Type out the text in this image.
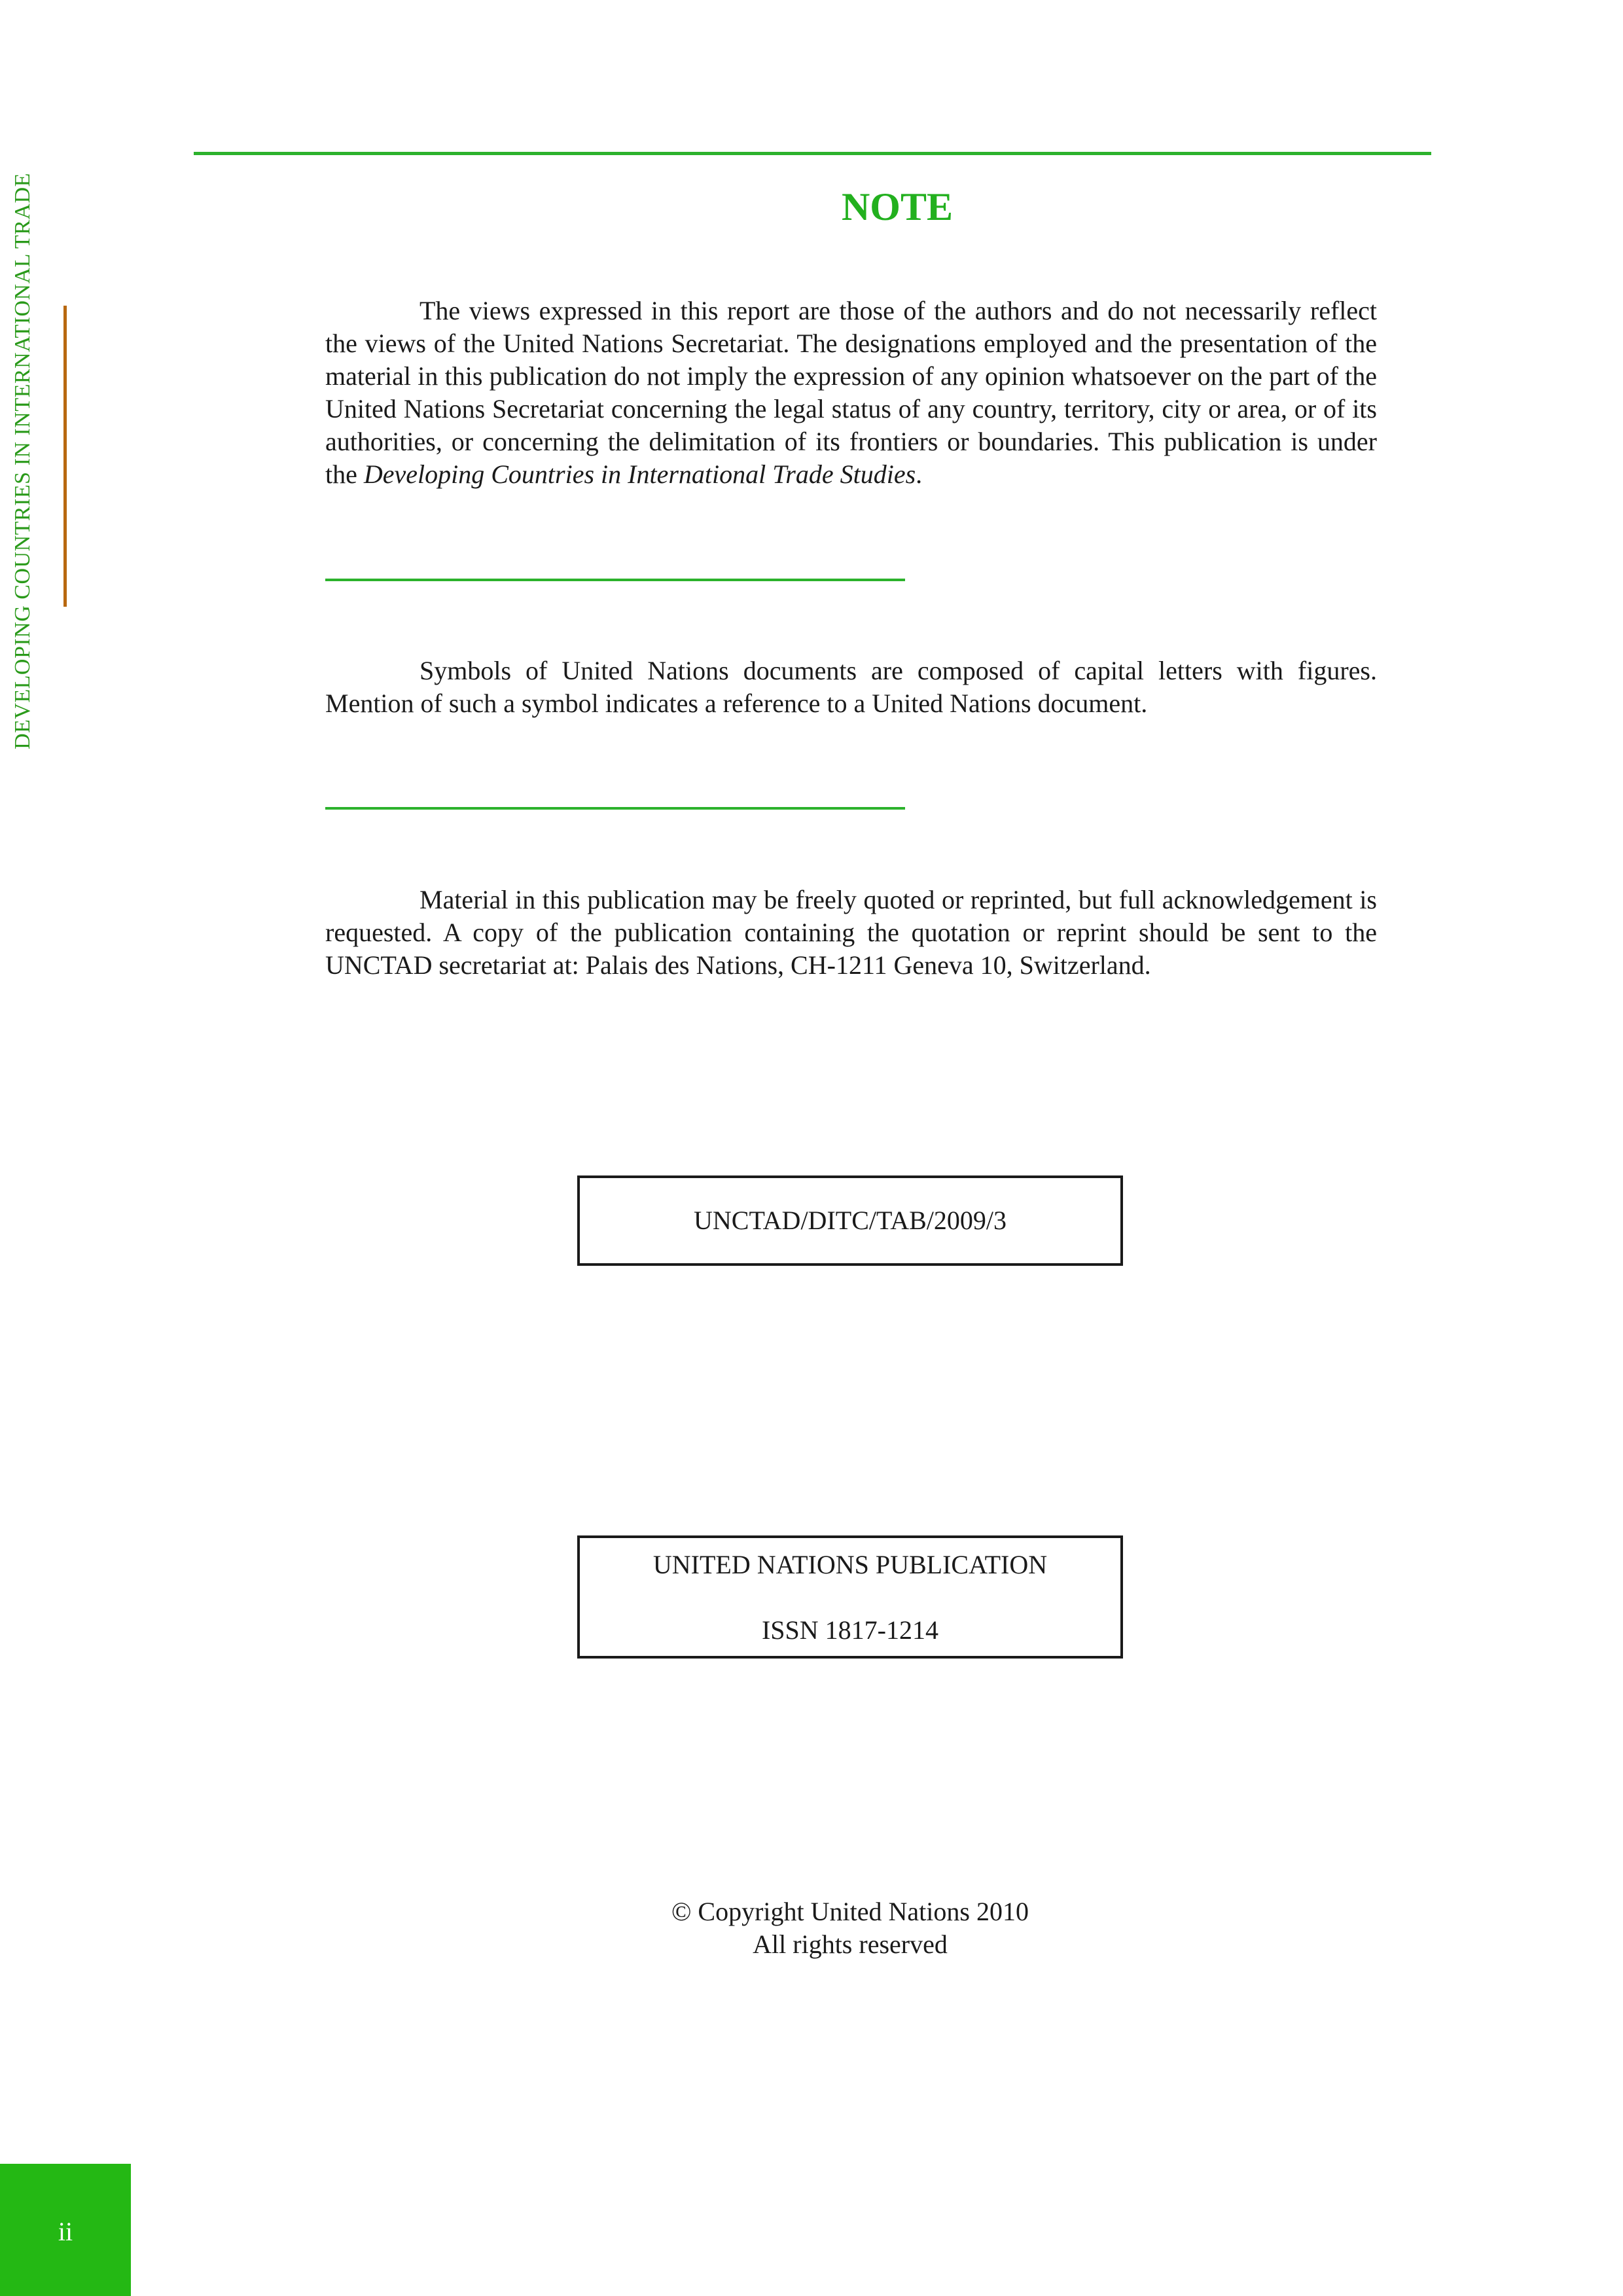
DEVELOPING COUNTRIES IN INTERNATIONAL TRADE	NOTE

The views expressed in this report are those of the authors and do not necessarily reflect the views of the United Nations Secretariat. The designations employed and the presentation of the material in this publication do not imply the expression of any opinion whatsoever on the part of the United Nations Secretariat concerning the legal status of any country, territory, city or area, or of its authorities, or concerning the delimitation of its frontiers or boundaries. This publication is under the Developing Countries in International Trade Studies.

Symbols of United Nations documents are composed of capital letters with figures. Mention of such a symbol indicates a reference to a United Nations document.

Material in this publication may be freely quoted or reprinted, but full acknowledgement is requested. A copy of the publication containing the quotation or reprint should be sent to the UNCTAD secretariat at: Palais des Nations, CH-1211 Geneva 10, Switzerland.

UNCTAD/DITC/TAB/2009/3
UNITED NATIONS PUBLICATION
ISSN 1817-1214
© Copyright United Nations 2010
All rights reserved
ii
